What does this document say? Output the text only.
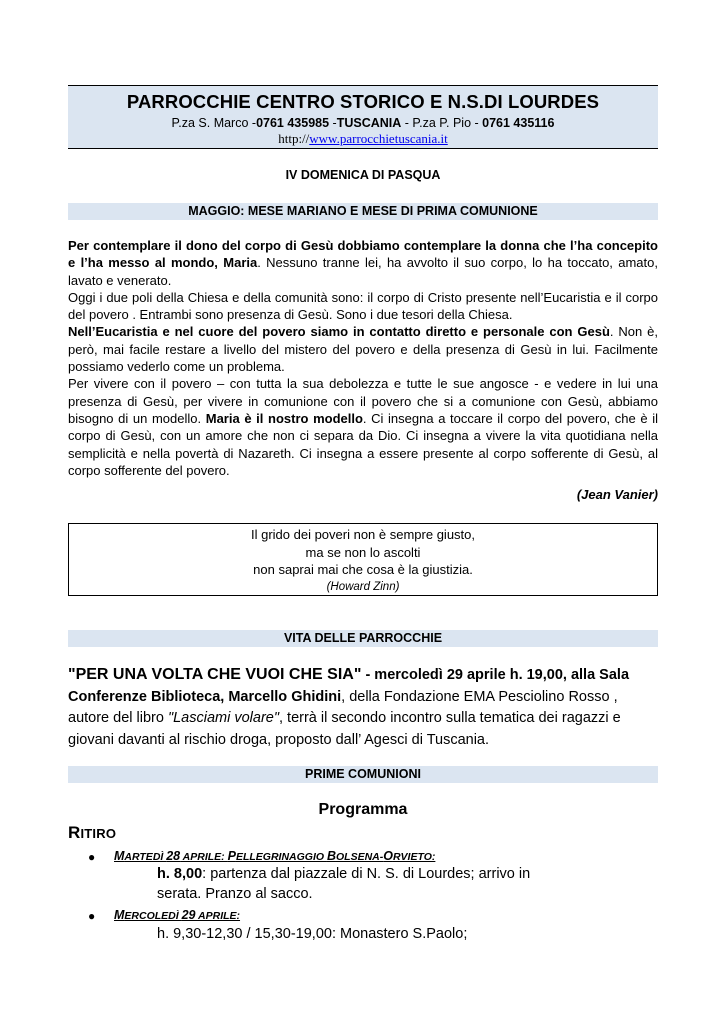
PARROCCHIE CENTRO STORICO E N.S.DI LOURDES
P.za S. Marco -0761 435985 -TUSCANIA - P.za P. Pio - 0761 435116
http://www.parrocchietuscania.it
IV DOMENICA DI PASQUA
MAGGIO: MESE MARIANO E MESE DI PRIMA COMUNIONE

Per contemplare il dono del corpo di Gesù dobbiamo contemplare la donna che l’ha concepito e l’ha messo al mondo, Maria. Nessuno tranne lei, ha avvolto il suo corpo, lo ha toccato, amato, lavato e venerato.

Oggi i due poli della Chiesa e della comunità sono: il corpo di Cristo presente nell’Eucaristia e il corpo del povero . Entrambi sono presenza di Gesù. Sono i due tesori della Chiesa.

Nell’Eucaristia e nel cuore del povero siamo in contatto diretto e personale con Gesù. Non è, però, mai facile restare a livello del mistero del povero e della presenza di Gesù in lui. Facilmente possiamo vederlo come un problema.

Per vivere con il povero – con tutta la sua debolezza e tutte le sue angosce - e vedere in lui una presenza di Gesù, per vivere in comunione con il povero che si a comunione con Gesù, abbiamo bisogno di un modello. Maria è il nostro modello. Ci insegna a toccare il corpo del povero, che è il corpo di Gesù, con un amore che non ci separa da Dio. Ci insegna a vivere la vita quotidiana nella semplicità e nella povertà di Nazareth. Ci insegna a essere presente al corpo sofferente di Gesù, al corpo sofferente del povero.

(Jean Vanier)
Il grido dei poveri non è sempre giusto,
ma se non lo ascolti
non saprai mai che cosa è la giustizia.
(Howard Zinn)
VITA DELLE PARROCCHIE
"PER UNA VOLTA CHE VUOI CHE SIA" - mercoledì 29 aprile h. 19,00, alla Sala Conferenze Biblioteca, Marcello Ghidini, della Fondazione EMA Pesciolino Rosso , autore del libro "Lasciami volare", terrà il secondo incontro sulla tematica dei ragazzi e giovani davanti al rischio droga, proposto dall’ Agesci di Tuscania.
PRIME COMUNIONI
Programma
RITIRO
● MARTEDÌ 28 APRILE: PELLEGRINAGGIO BOLSENA-ORVIETO:
h. 8,00: partenza dal piazzale di N. S. di Lourdes; arrivo in
serata. Pranzo al sacco.
● MERCOLEDÌ 29 APRILE:
h. 9,30-12,30 / 15,30-19,00: Monastero S.Paolo;
